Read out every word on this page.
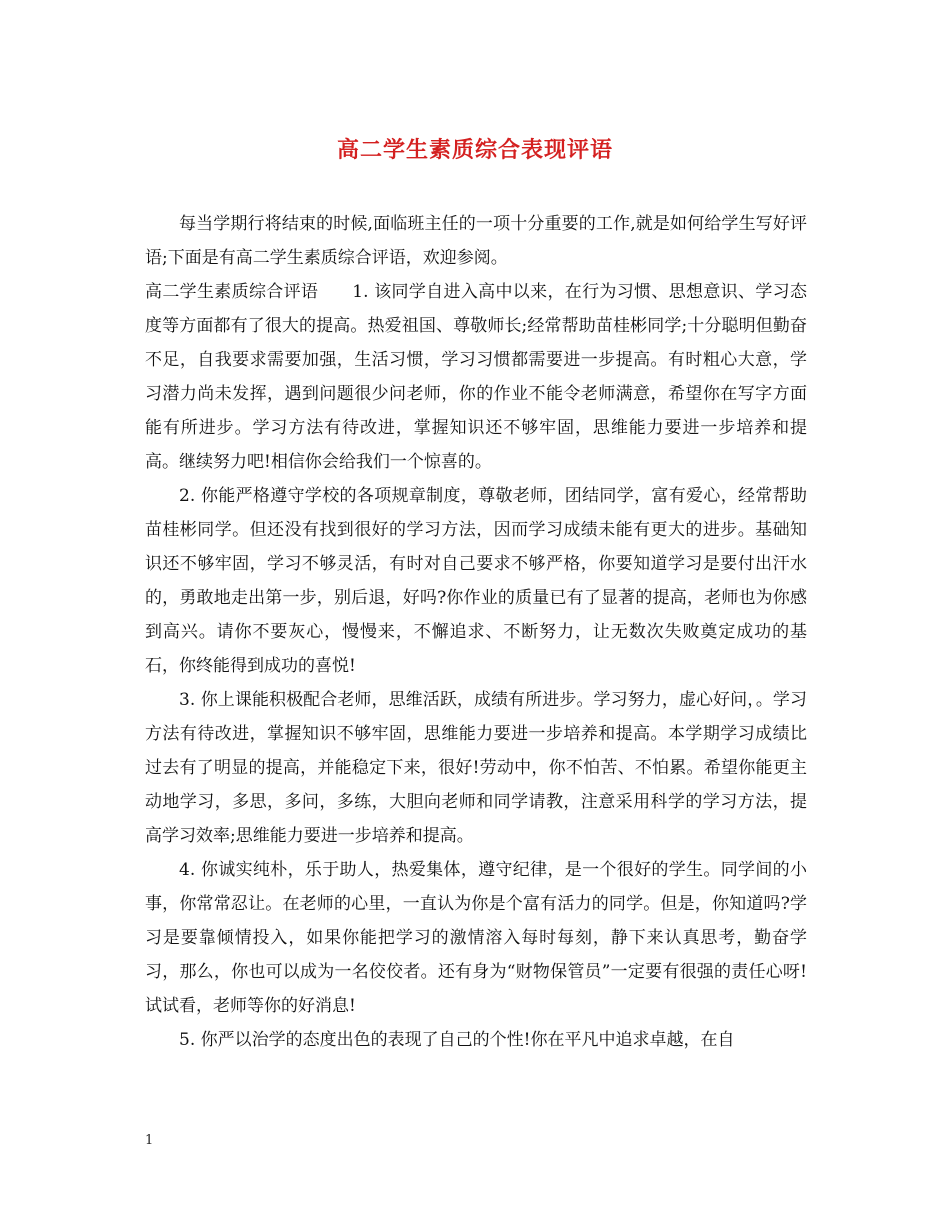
高二学生素质综合表现评语

每当学期行将结束的时候,面临班主任的一项十分重要的工作,就是如何给学生写好评语;下面是有高二学生素质综合评语，欢迎参阅。

高二学生素质综合评语 1. 该同学自进入高中以来，在行为习惯、思想意识、学习态度等方面都有了很大的提高。热爱祖国、尊敬师长;经常帮助苗桂彬同学;十分聪明但勤奋不足，自我要求需要加强，生活习惯，学习习惯都需要进一步提高。有时粗心大意，学习潜力尚未发挥，遇到问题很少问老师，你的作业不能令老师满意，希望你在写字方面能有所进步。学习方法有待改进，掌握知识还不够牢固，思维能力要进一步培养和提高。继续努力吧!相信你会给我们一个惊喜的。

2. 你能严格遵守学校的各项规章制度，尊敬老师，团结同学，富有爱心，经常帮助苗桂彬同学。但还没有找到很好的学习方法，因而学习成绩未能有更大的进步。基础知识还不够牢固，学习不够灵活，有时对自己要求不够严格，你要知道学习是要付出汗水的，勇敢地走出第一步，别后退，好吗?你作业的质量已有了显著的提高，老师也为你感到高兴。请你不要灰心，慢慢来，不懈追求、不断努力，让无数次失败奠定成功的基石，你终能得到成功的喜悦!

3. 你上课能积极配合老师，思维活跃，成绩有所进步。学习努力，虚心好问，。学习方法有待改进，掌握知识不够牢固，思维能力要进一步培养和提高。本学期学习成绩比过去有了明显的提高，并能稳定下来，很好!劳动中，你不怕苦、不怕累。希望你能更主动地学习，多思，多问，多练，大胆向老师和同学请教，注意采用科学的学习方法，提高学习效率;思维能力要进一步培养和提高。

4. 你诚实纯朴，乐于助人，热爱集体，遵守纪律，是一个很好的学生。同学间的小事，你常常忍让。在老师的心里，一直认为你是个富有活力的同学。但是，你知道吗?学习是要靠倾情投入，如果你能把学习的激情溶入每时每刻，静下来认真思考，勤奋学习，那么，你也可以成为一名佼佼者。还有身为“财物保管员”一定要有很强的责任心呀!试试看，老师等你的好消息!

5. 你严以治学的态度出色的表现了自己的个性!你在平凡中追求卓越，在自

1
